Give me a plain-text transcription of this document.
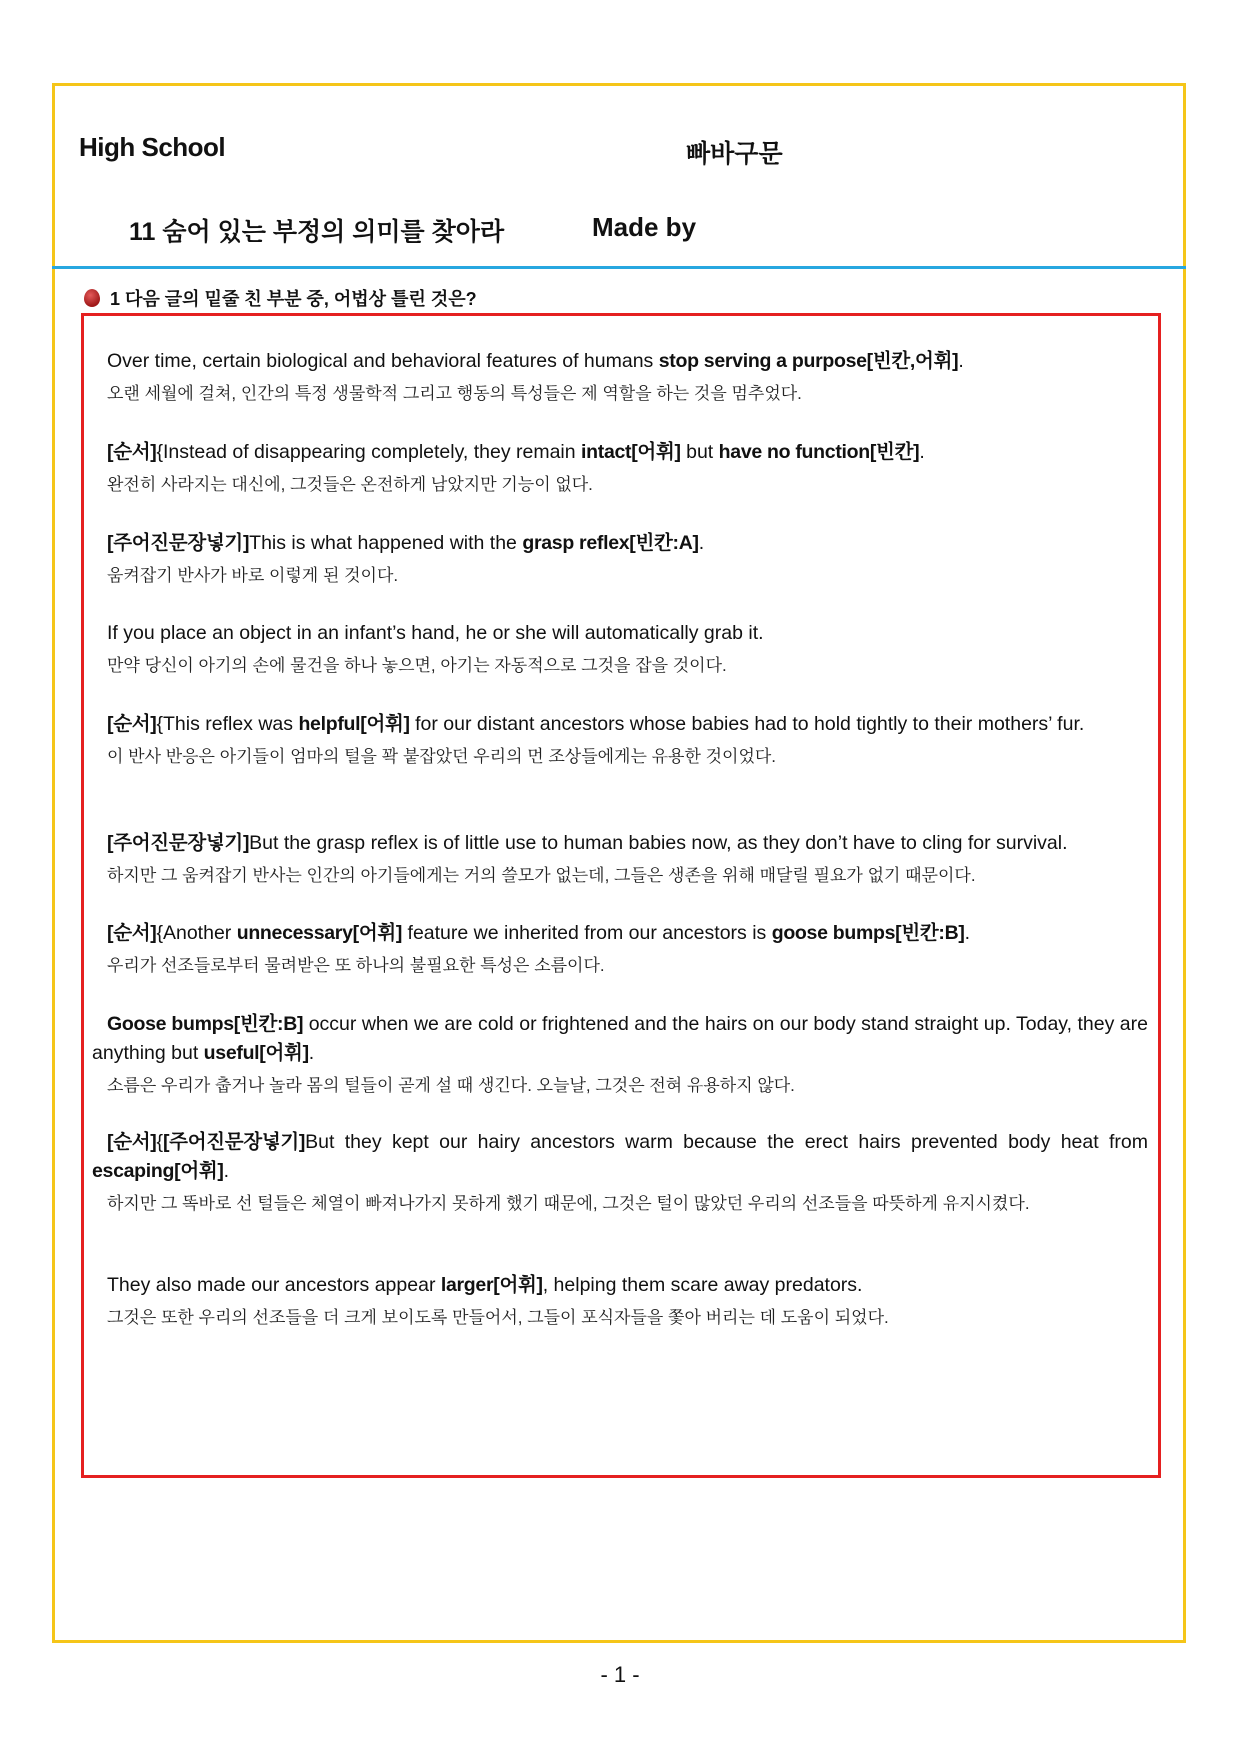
High School	빠바구문
11 숨어 있는 부정의 의미를 찾아라	Made by
1 다음 글의 밑줄 친 부분 중, 어법상 틀린 것은?

Over time, certain biological and behavioral features of humans stop serving a purpose[빈칸,어휘].

오랜 세월에 걸쳐, 인간의 특정 생물학적 그리고 행동의 특성들은 제 역할을 하는 것을 멈추었다.

[순서]{Instead of disappearing completely, they remain intact[어휘] but have no function[빈칸].

완전히 사라지는 대신에, 그것들은 온전하게 남았지만 기능이 없다.

[주어진문장넣기]This is what happened with the grasp reflex[빈칸:A].

움켜잡기 반사가 바로 이렇게 된 것이다.

If you place an object in an infant’s hand, he or she will automatically grab it.

만약 당신이 아기의 손에 물건을 하나 놓으면, 아기는 자동적으로 그것을 잡을 것이다.

[순서]{This reflex was helpful[어휘] for our distant ancestors whose babies had to hold tightly to their mothers’ fur.

이 반사 반응은 아기들이 엄마의 털을 꽉 붙잡았던 우리의 먼 조상들에게는 유용한 것이었다.

[주어진문장넣기]But the grasp reflex is of little use to human babies now, as they don’t have to cling for survival.

하지만 그 움켜잡기 반사는 인간의 아기들에게는 거의 쓸모가 없는데, 그들은 생존을 위해 매달릴 필요가 없기 때문이다.

[순서]{Another unnecessary[어휘] feature we inherited from our ancestors is goose bumps[빈칸:B].

우리가 선조들로부터 물려받은 또 하나의 불필요한 특성은 소름이다.

Goose bumps[빈칸:B] occur when we are cold or frightened and the hairs on our body stand straight up. Today, they are anything but useful[어휘].

소름은 우리가 춥거나 놀라 몸의 털들이 곧게 설 때 생긴다. 오늘날, 그것은 전혀 유용하지 않다.

[순서]{[주어진문장넣기]But they kept our hairy ancestors warm because the erect hairs prevented body heat from escaping[어휘].

하지만 그 똑바로 선 털들은 체열이 빠져나가지 못하게 했기 때문에, 그것은 털이 많았던 우리의 선조들을 따뜻하게 유지시켰다.

They also made our ancestors appear larger[어휘], helping them scare away predators.

그것은 또한 우리의 선조들을 더 크게 보이도록 만들어서, 그들이 포식자들을 쫓아 버리는 데 도움이 되었다.

- 1 -
